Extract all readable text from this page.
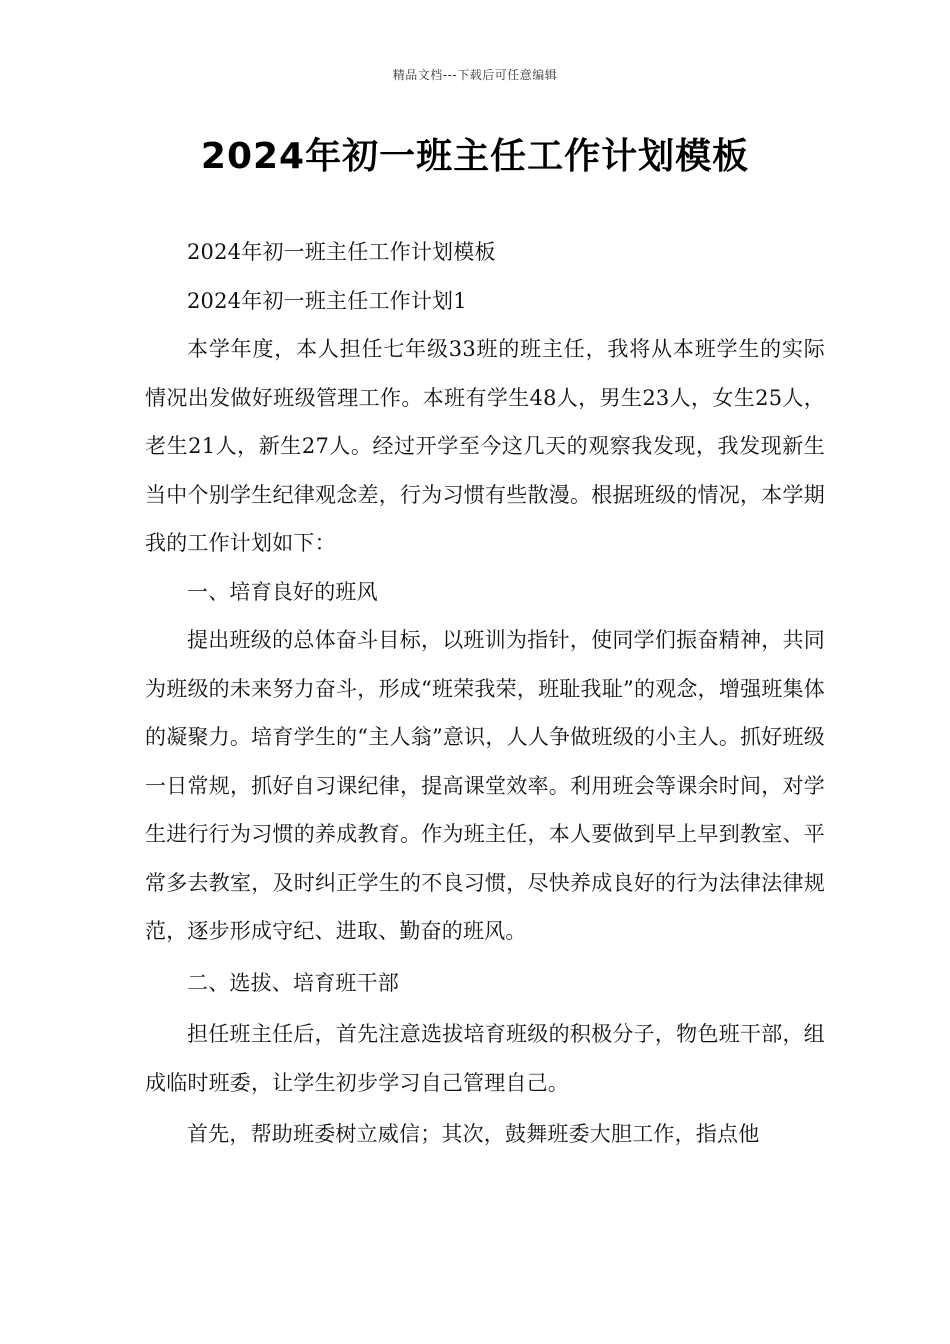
精品文档---下载后可任意编辑
2024年初一班主任工作计划模板

2024年初一班主任工作计划模板

2024年初一班主任工作计划1

本学年度，本人担任七年级33班的班主任，我将从本班学生的实际情况出发做好班级管理工作。本班有学生48人，男生23人，女生25人，老生21人，新生27人。经过开学至今这几天的观察我发现，我发现新生当中个别学生纪律观念差，行为习惯有些散漫。根据班级的情况，本学期我的工作计划如下：

一、培育良好的班风

提出班级的总体奋斗目标，以班训为指针，使同学们振奋精神，共同为班级的未来努力奋斗，形成“班荣我荣，班耻我耻”的观念，增强班集体的凝聚力。培育学生的“主人翁”意识，人人争做班级的小主人。抓好班级一日常规，抓好自习课纪律，提高课堂效率。利用班会等课余时间，对学生进行行为习惯的养成教育。作为班主任，本人要做到早上早到教室、平常多去教室，及时纠正学生的不良习惯，尽快养成良好的行为法律法律规范，逐步形成守纪、进取、勤奋的班风。

二、选拔、培育班干部

担任班主任后，首先注意选拔培育班级的积极分子，物色班干部，组成临时班委，让学生初步学习自己管理自己。

首先，帮助班委树立威信；其次，鼓舞班委大胆工作，指点他
